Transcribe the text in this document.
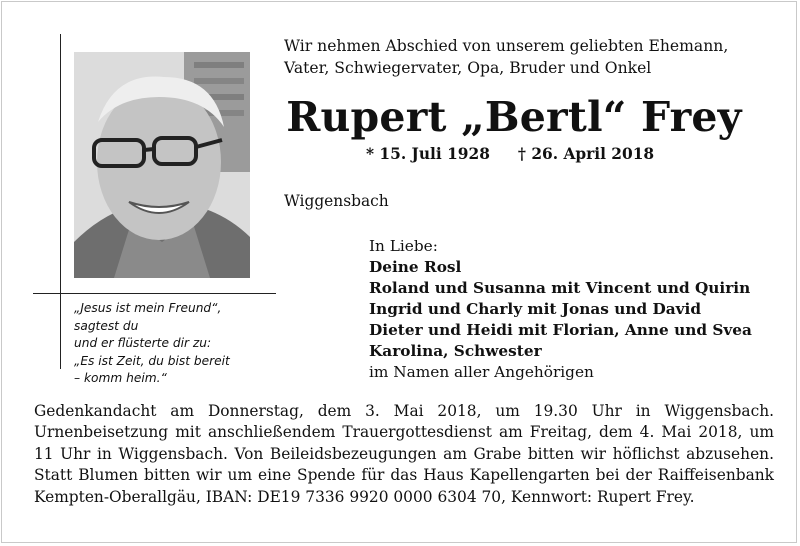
„Jesus ist mein Freund“,
sagtest du
und er flüsterte dir zu:
„Es ist Zeit, du bist bereit
– komm heim.“
Wir nehmen Abschied von unserem geliebten Ehemann,
Vater, Schwiegervater, Opa, Bruder und Onkel
Rupert „Bertl“ Frey
* 15. Juli 1928 † 26. April 2018
Wiggensbach
In Liebe:
Deine Rosl
Roland und Susanna mit Vincent und Quirin
Ingrid und Charly mit Jonas und David
Dieter und Heidi mit Florian, Anne und Svea
Karolina, Schwester
im Namen aller Angehörigen
Gedenkandacht am Donnerstag, dem 3. Mai 2018, um 19.30 Uhr in Wiggensbach. Urnenbeisetzung mit anschließendem Trauergottesdienst am Freitag, dem 4. Mai 2018, um 11 Uhr in Wiggensbach. Von Beileidsbezeugungen am Grabe bitten wir höflichst abzusehen. Statt Blumen bitten wir um eine Spende für das Haus Kapellengarten bei der Raiffeisenbank Kempten-Oberallgäu, IBAN: DE19 7336 9920 0000 6304 70, Kennwort: Rupert Frey.
